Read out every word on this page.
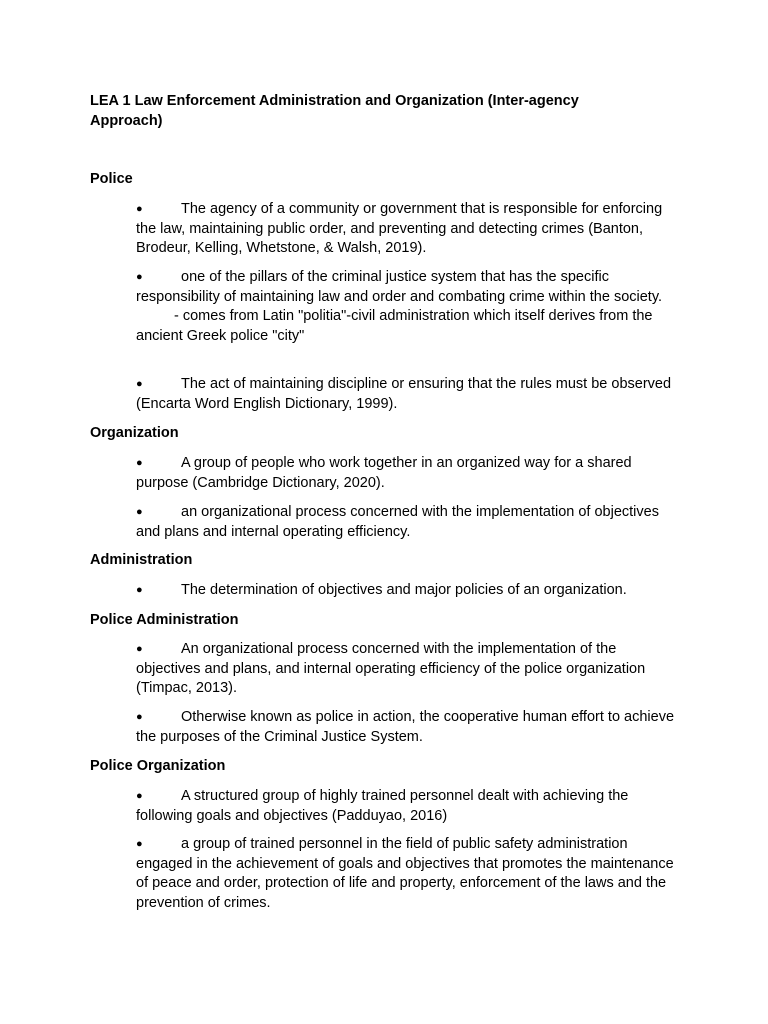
LEA 1 Law Enforcement Administration and Organization (Inter-agency Approach)

Police

●	The agency of a community or government that is responsible for enforcing the law, maintaining public order, and preventing and detecting crimes (Banton, Brodeur, Kelling, Whetstone, & Walsh, 2019).

●	one of the pillars of the criminal justice system that has the specific responsibility of maintaining law and order and combating crime within the society.
- comes from Latin "politia"-civil administration which itself derives from the ancient Greek police "city"

●	The act of maintaining discipline or ensuring that the rules must be observed (Encarta Word English Dictionary, 1999).

Organization

●	A group of people who work together in an organized way for a shared purpose (Cambridge Dictionary, 2020).

●	an organizational process concerned with the implementation of objectives and plans and internal operating efficiency.

Administration

●	The determination of objectives and major policies of an organization.

Police Administration

●	An organizational process concerned with the implementation of the objectives and plans, and internal operating efficiency of the police organization (Timpac, 2013).

●	Otherwise known as police in action, the cooperative human effort to achieve the purposes of the Criminal Justice System.

Police Organization

●	A structured group of highly trained personnel dealt with achieving the following goals and objectives (Padduyao, 2016)

●	a group of trained personnel in the field of public safety administration engaged in the achievement of goals and objectives that promotes the maintenance of peace and order, protection of life and property, enforcement of the laws and the prevention of crimes.
